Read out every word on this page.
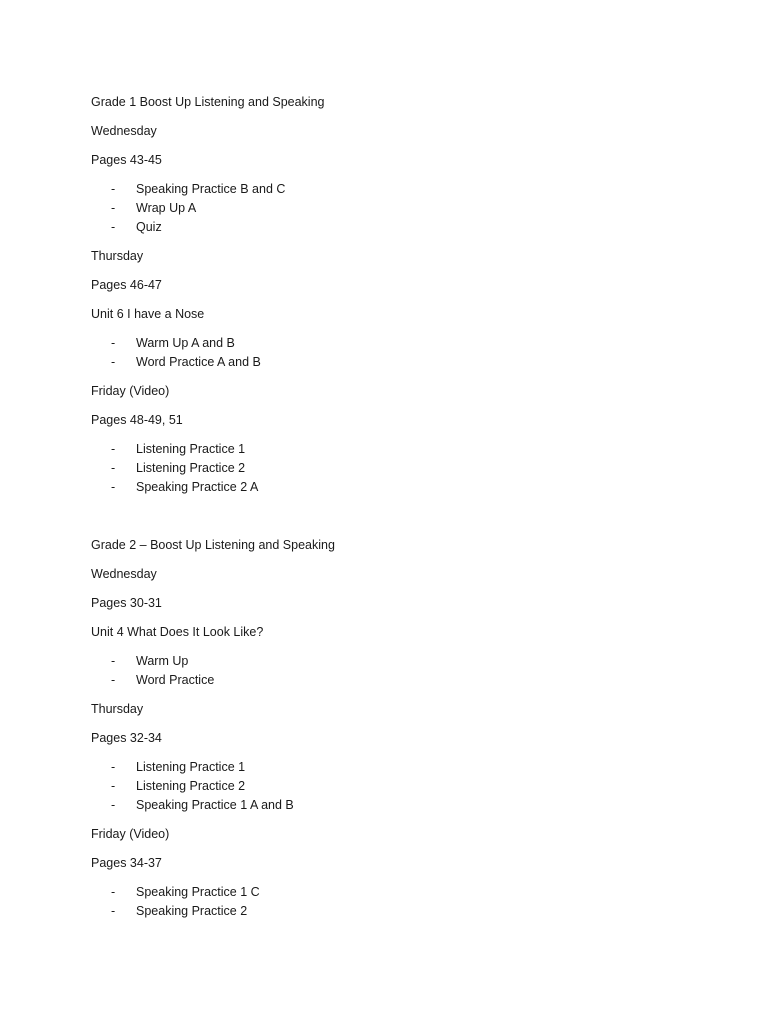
Grade 1 Boost Up Listening and Speaking
Wednesday
Pages 43-45
- Speaking Practice B and C
- Wrap Up A
- Quiz
Thursday
Pages 46-47
Unit 6 I have a Nose
- Warm Up A and B
- Word Practice A and B
Friday (Video)
Pages 48-49, 51
- Listening Practice 1
- Listening Practice 2
- Speaking Practice 2 A
Grade 2 – Boost Up Listening and Speaking
Wednesday
Pages 30-31
Unit 4 What Does It Look Like?
- Warm Up
- Word Practice
Thursday
Pages 32-34
- Listening Practice 1
- Listening Practice 2
- Speaking Practice 1 A and B
Friday (Video)
Pages 34-37
- Speaking Practice 1 C
- Speaking Practice 2
